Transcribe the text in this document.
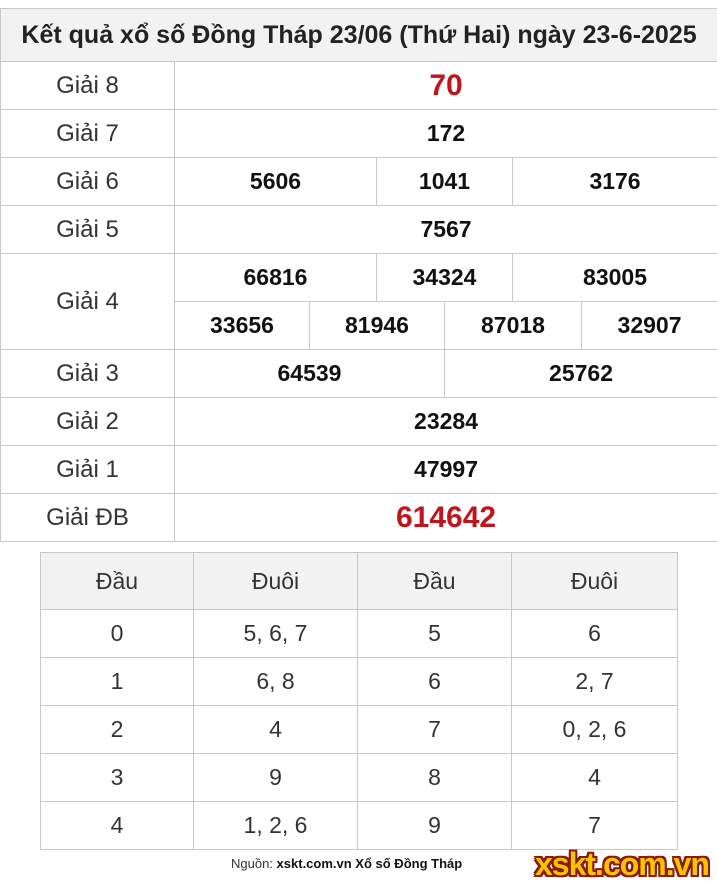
Kết quả xổ số Đồng Tháp 23/06 (Thứ Hai) ngày 23-6-2025						
Giải 8	70					
Giải 7	172					
Giải 6	5606		1041		3176	
Giải 5	7567					
Giải 4	66816		34324		83005	
	33656	81946		87018		32907
Giải 3	64539			25762		
Giải 2	23284					
Giải 1	47997					
Giải ĐB	614642					
Đầu	Đuôi	Đầu	Đuôi
0	5, 6, 7	5	6
1	6, 8	6	2, 7
2	4	7	0, 2, 6
3	9	8	4
4	1, 2, 6	9	7
Nguồn: xskt.com.vn Xổ số Đồng Tháp xskt.com.vn
